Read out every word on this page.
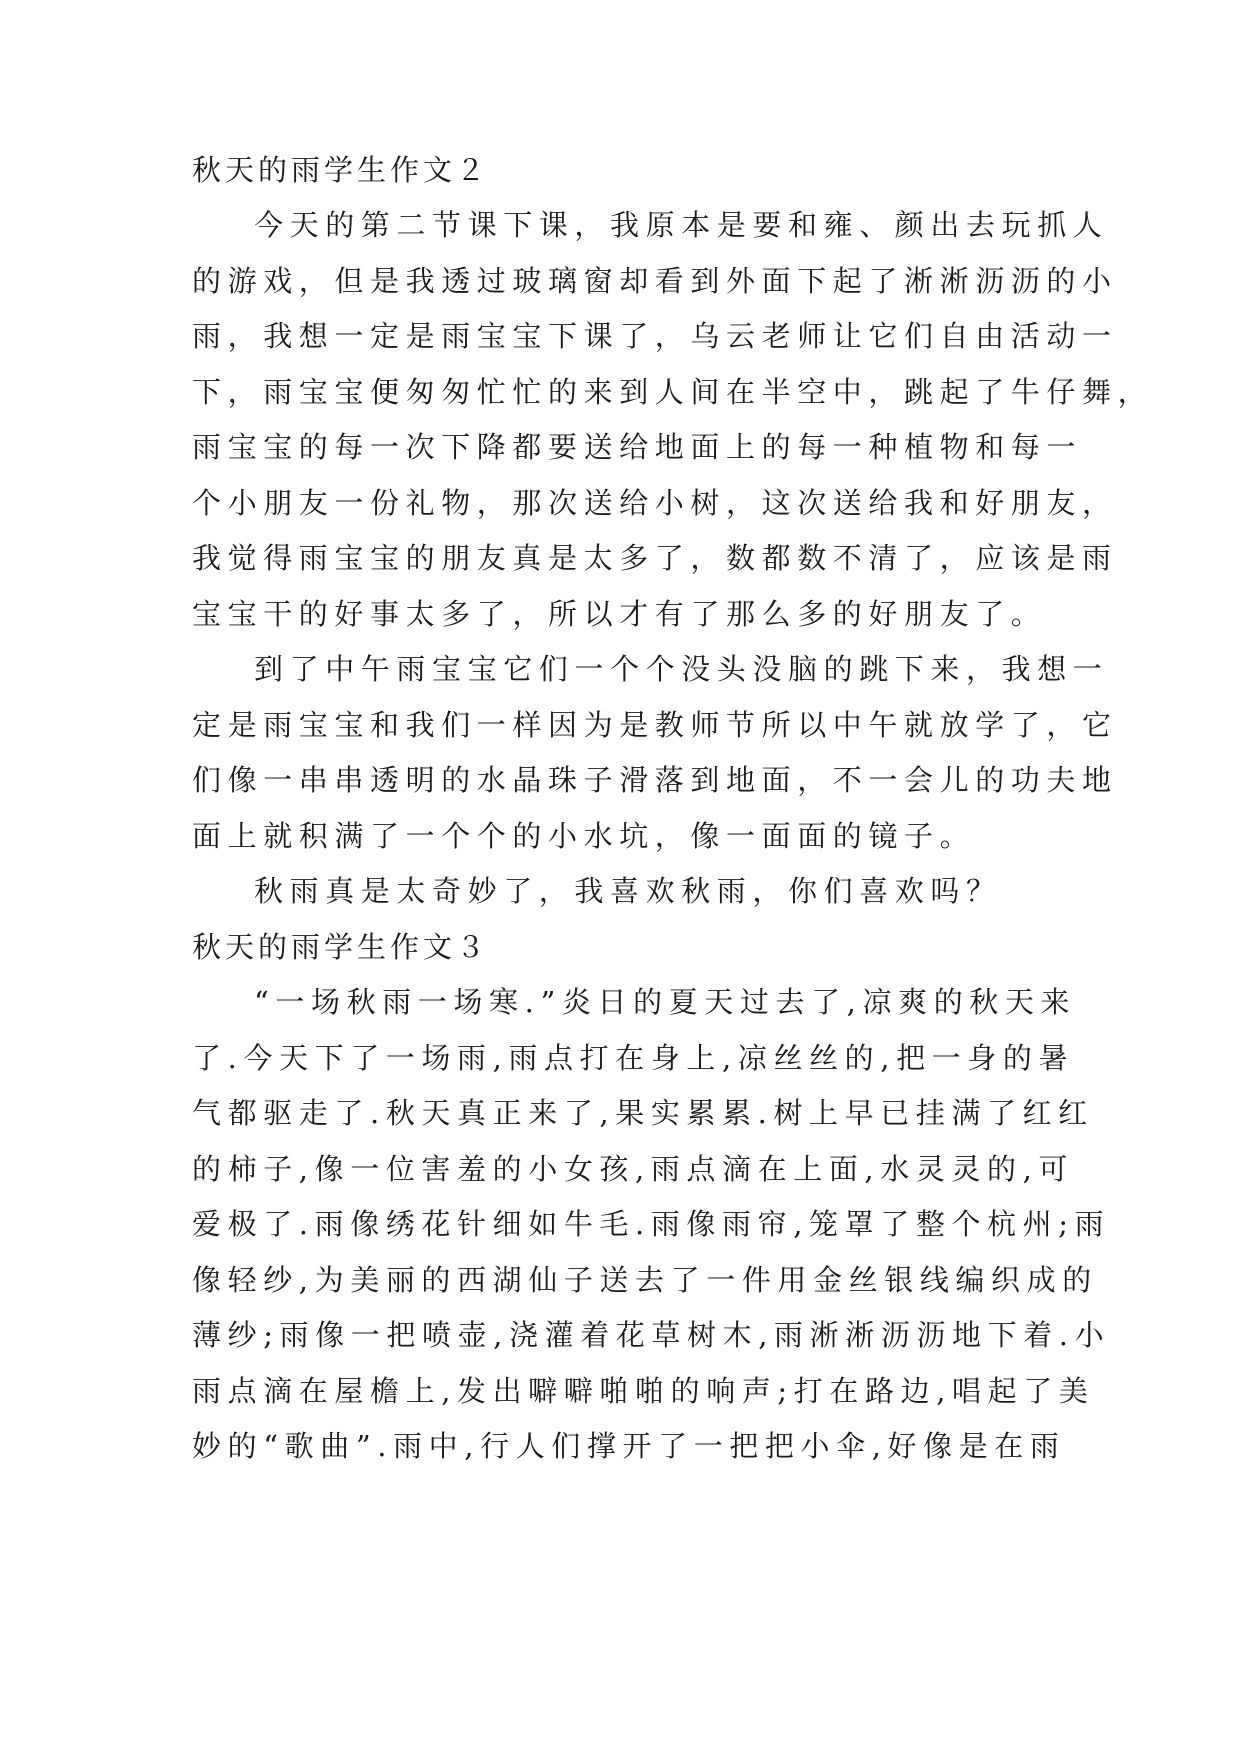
秋天的雨学生作文２
今天的第二节课下课，我原本是要和雍、颜出去玩抓人
的游戏，但是我透过玻璃窗却看到外面下起了淅淅沥沥的小
雨，我想一定是雨宝宝下课了，乌云老师让它们自由活动一
下，雨宝宝便匆匆忙忙的来到人间在半空中，跳起了牛仔舞，
雨宝宝的每一次下降都要送给地面上的每一种植物和每一
个小朋友一份礼物，那次送给小树，这次送给我和好朋友，
我觉得雨宝宝的朋友真是太多了，数都数不清了，应该是雨
宝宝干的好事太多了，所以才有了那么多的好朋友了。
到了中午雨宝宝它们一个个没头没脑的跳下来，我想一
定是雨宝宝和我们一样因为是教师节所以中午就放学了，它
们像一串串透明的水晶珠子滑落到地面，不一会儿的功夫地
面上就积满了一个个的小水坑，像一面面的镜子。
秋雨真是太奇妙了，我喜欢秋雨，你们喜欢吗？
秋天的雨学生作文３
“一场秋雨一场寒.”炎日的夏天过去了,凉爽的秋天来
了.今天下了一场雨,雨点打在身上,凉丝丝的,把一身的暑
气都驱走了.秋天真正来了,果实累累.树上早已挂满了红红
的柿子,像一位害羞的小女孩,雨点滴在上面,水灵灵的,可
爱极了.雨像绣花针细如牛毛.雨像雨帘,笼罩了整个杭州;雨
像轻纱,为美丽的西湖仙子送去了一件用金丝银线编织成的
薄纱;雨像一把喷壶,浇灌着花草树木,雨淅淅沥沥地下着.小
雨点滴在屋檐上,发出噼噼啪啪的响声;打在路边,唱起了美
妙的“歌曲”.雨中,行人们撑开了一把把小伞,好像是在雨
